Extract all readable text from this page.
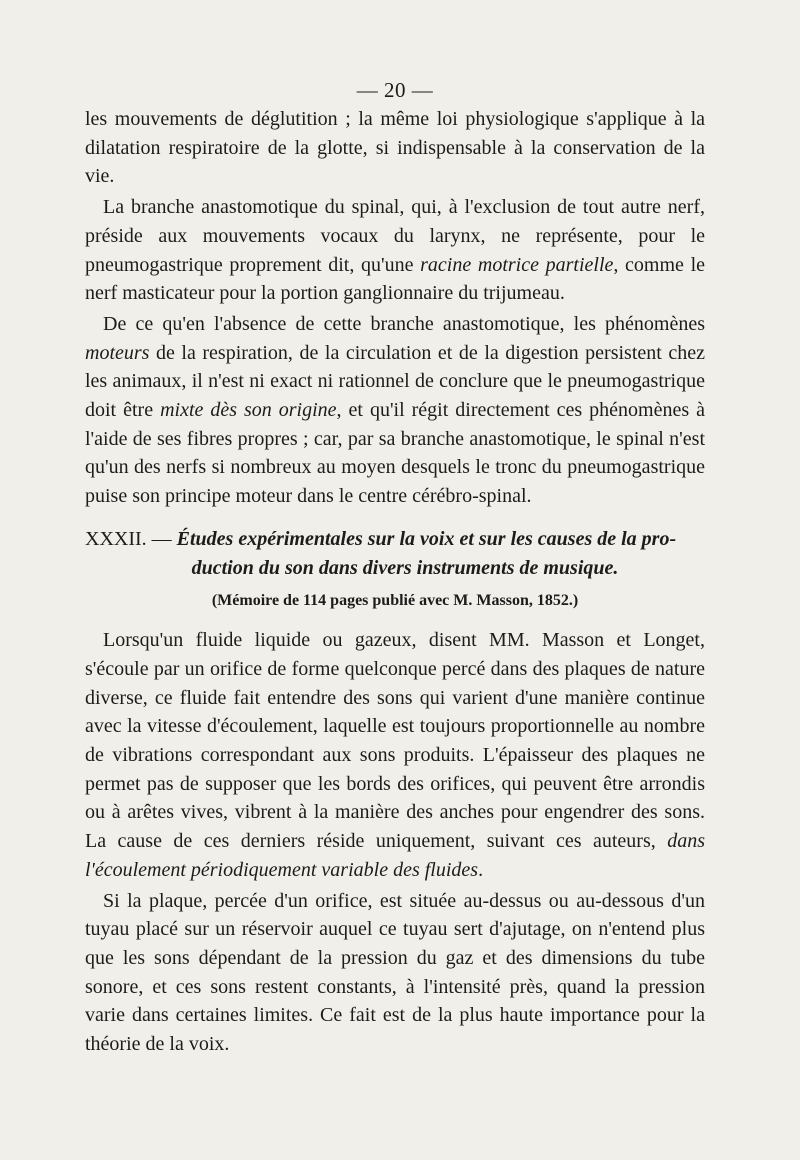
— 20 —

les mouvements de déglutition ; la même loi physiologique s'applique à la dilatation respiratoire de la glotte, si indispensable à la conservation de la vie.

La branche anastomotique du spinal, qui, à l'exclusion de tout autre nerf, préside aux mouvements vocaux du larynx, ne représente, pour le pneumogastrique proprement dit, qu'une racine motrice partielle, comme le nerf masticateur pour la portion ganglionnaire du trijumeau.

De ce qu'en l'absence de cette branche anastomotique, les phénomènes moteurs de la respiration, de la circulation et de la digestion persistent chez les animaux, il n'est ni exact ni rationnel de conclure que le pneumogastrique doit être mixte dès son origine, et qu'il régit directement ces phénomènes à l'aide de ses fibres propres ; car, par sa branche anastomotique, le spinal n'est qu'un des nerfs si nombreux au moyen desquels le tronc du pneumogastrique puise son principe moteur dans le centre cérébro-spinal.

XXXII. — Études expérimentales sur la voix et sur les causes de la pro-
duction du son dans divers instruments de musique.
(Mémoire de 114 pages publié avec M. Masson, 1852.)

Lorsqu'un fluide liquide ou gazeux, disent MM. Masson et Longet, s'écoule par un orifice de forme quelconque percé dans des plaques de nature diverse, ce fluide fait entendre des sons qui varient d'une manière continue avec la vitesse d'écoulement, laquelle est toujours proportionnelle au nombre de vibrations correspondant aux sons produits. L'épaisseur des plaques ne permet pas de supposer que les bords des orifices, qui peuvent être arrondis ou à arêtes vives, vibrent à la manière des anches pour engendrer des sons. La cause de ces derniers réside uniquement, suivant ces auteurs, dans l'écoulement périodiquement variable des fluides.

Si la plaque, percée d'un orifice, est située au-dessus ou au-dessous d'un tuyau placé sur un réservoir auquel ce tuyau sert d'ajutage, on n'entend plus que les sons dépendant de la pression du gaz et des dimensions du tube sonore, et ces sons restent constants, à l'intensité près, quand la pression varie dans certaines limites. Ce fait est de la plus haute importance pour la théorie de la voix.
